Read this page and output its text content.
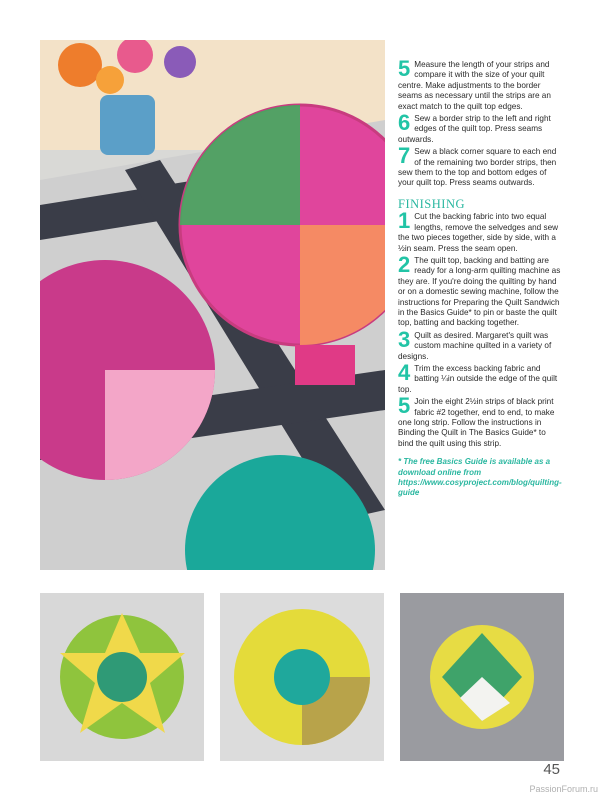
5 Measure the length of your strips and compare it with the size of your quilt centre. Make adjustments to the border seams as necessary until the strips are an exact match to the quilt top edges.
6 Sew a border strip to the left and right edges of the quilt top. Press seams outwards.
7 Sew a black corner square to each end of the remaining two border strips, then sew them to the top and bottom edges of your quilt top. Press seams outwards.
FINISHING
1 Cut the backing fabric into two equal lengths, remove the selvedges and sew the two pieces together, side by side, with a ½in seam. Press the seam open.
2 The quilt top, backing and batting are ready for a long-arm quilting machine as they are. If you're doing the quilting by hand or on a domestic sewing machine, follow the instructions for Preparing the Quilt Sandwich in the Basics Guide* to pin or baste the quilt top, batting and backing together.
3 Quilt as desired. Margaret's quilt was custom machine quilted in a variety of designs.
4 Trim the excess backing fabric and batting ¼in outside the edge of the quilt top.
5 Join the eight 2½in strips of black print fabric #2 together, end to end, to make one long strip. Follow the instructions in Binding the Quilt in The Basics Guide* to bind the quilt using this strip.
* The free Basics Guide is available as a download online from https://www.cosyproject.com/blog/quilting-guide
45
PassionForum.ru
